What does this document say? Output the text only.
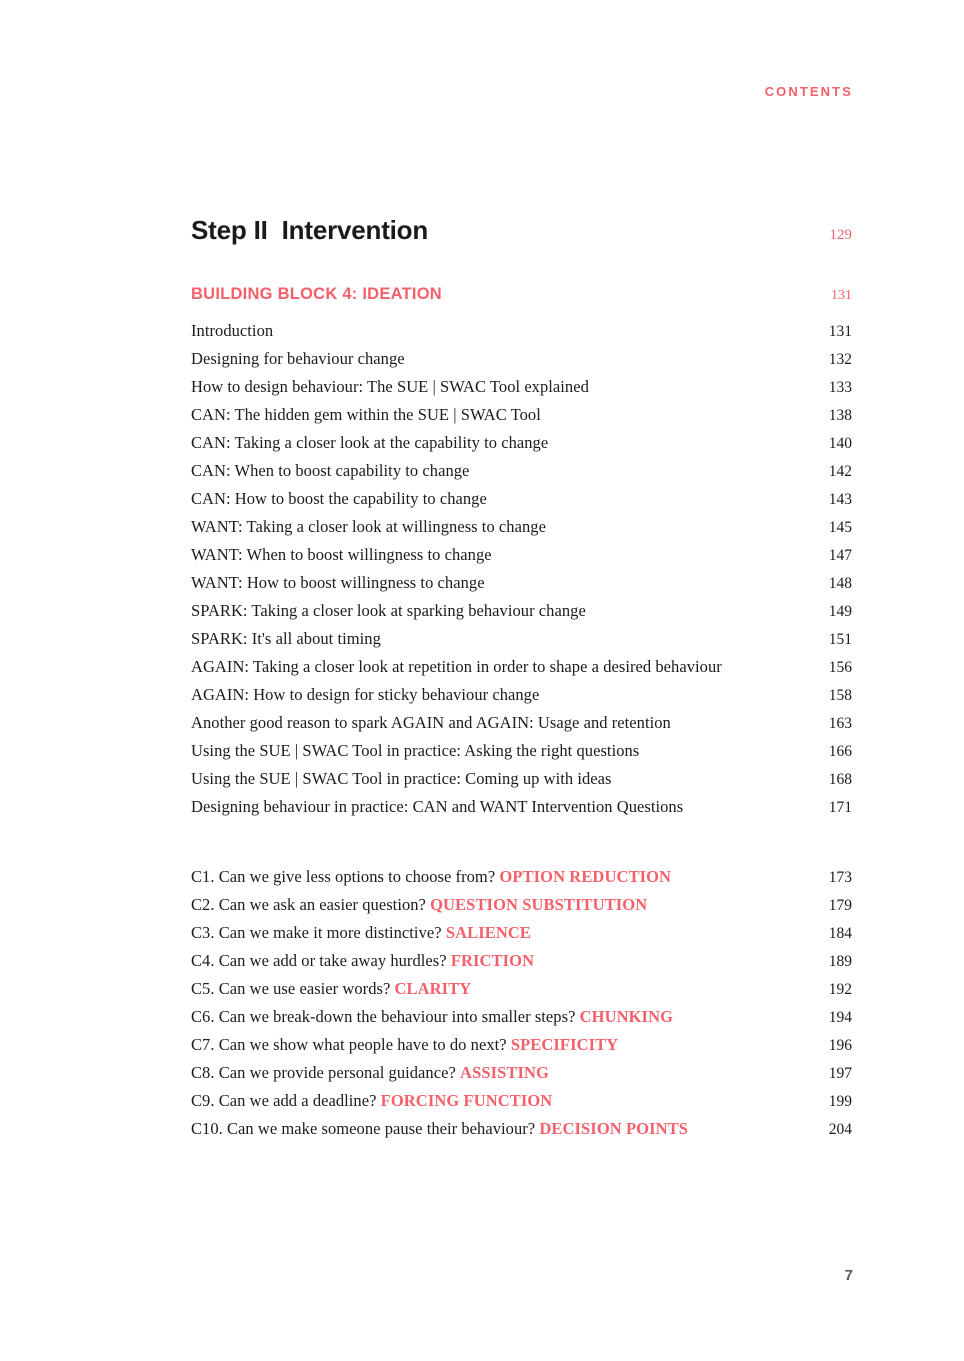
CONTENTS
Step II  Intervention	129
BUILDING BLOCK 4: IDEATION	131
Introduction	131
Designing for behaviour change	132
How to design behaviour: The SUE | SWAC Tool explained	133
CAN: The hidden gem within the SUE | SWAC Tool	138
CAN: Taking a closer look at the capability to change	140
CAN: When to boost capability to change	142
CAN: How to boost the capability to change	143
WANT: Taking a closer look at willingness to change	145
WANT: When to boost willingness to change	147
WANT: How to boost willingness to change	148
SPARK: Taking a closer look at sparking behaviour change	149
SPARK: It's all about timing	151
AGAIN: Taking a closer look at repetition in order to shape a desired behaviour	156
AGAIN: How to design for sticky behaviour change	158
Another good reason to spark AGAIN and AGAIN: Usage and retention	163
Using the SUE | SWAC Tool in practice: Asking the right questions	166
Using the SUE | SWAC Tool in practice: Coming up with ideas	168
Designing behaviour in practice: CAN and WANT Intervention Questions	171
C1. Can we give less options to choose from? OPTION REDUCTION	173
C2. Can we ask an easier question? QUESTION SUBSTITUTION	179
C3. Can we make it more distinctive? SALIENCE	184
C4. Can we add or take away hurdles? FRICTION	189
C5. Can we use easier words? CLARITY	192
C6. Can we break-down the behaviour into smaller steps? CHUNKING	194
C7. Can we show what people have to do next? SPECIFICITY	196
C8. Can we provide personal guidance? ASSISTING	197
C9. Can we add a deadline? FORCING FUNCTION	199
C10. Can we make someone pause their behaviour? DECISION POINTS	204
7
